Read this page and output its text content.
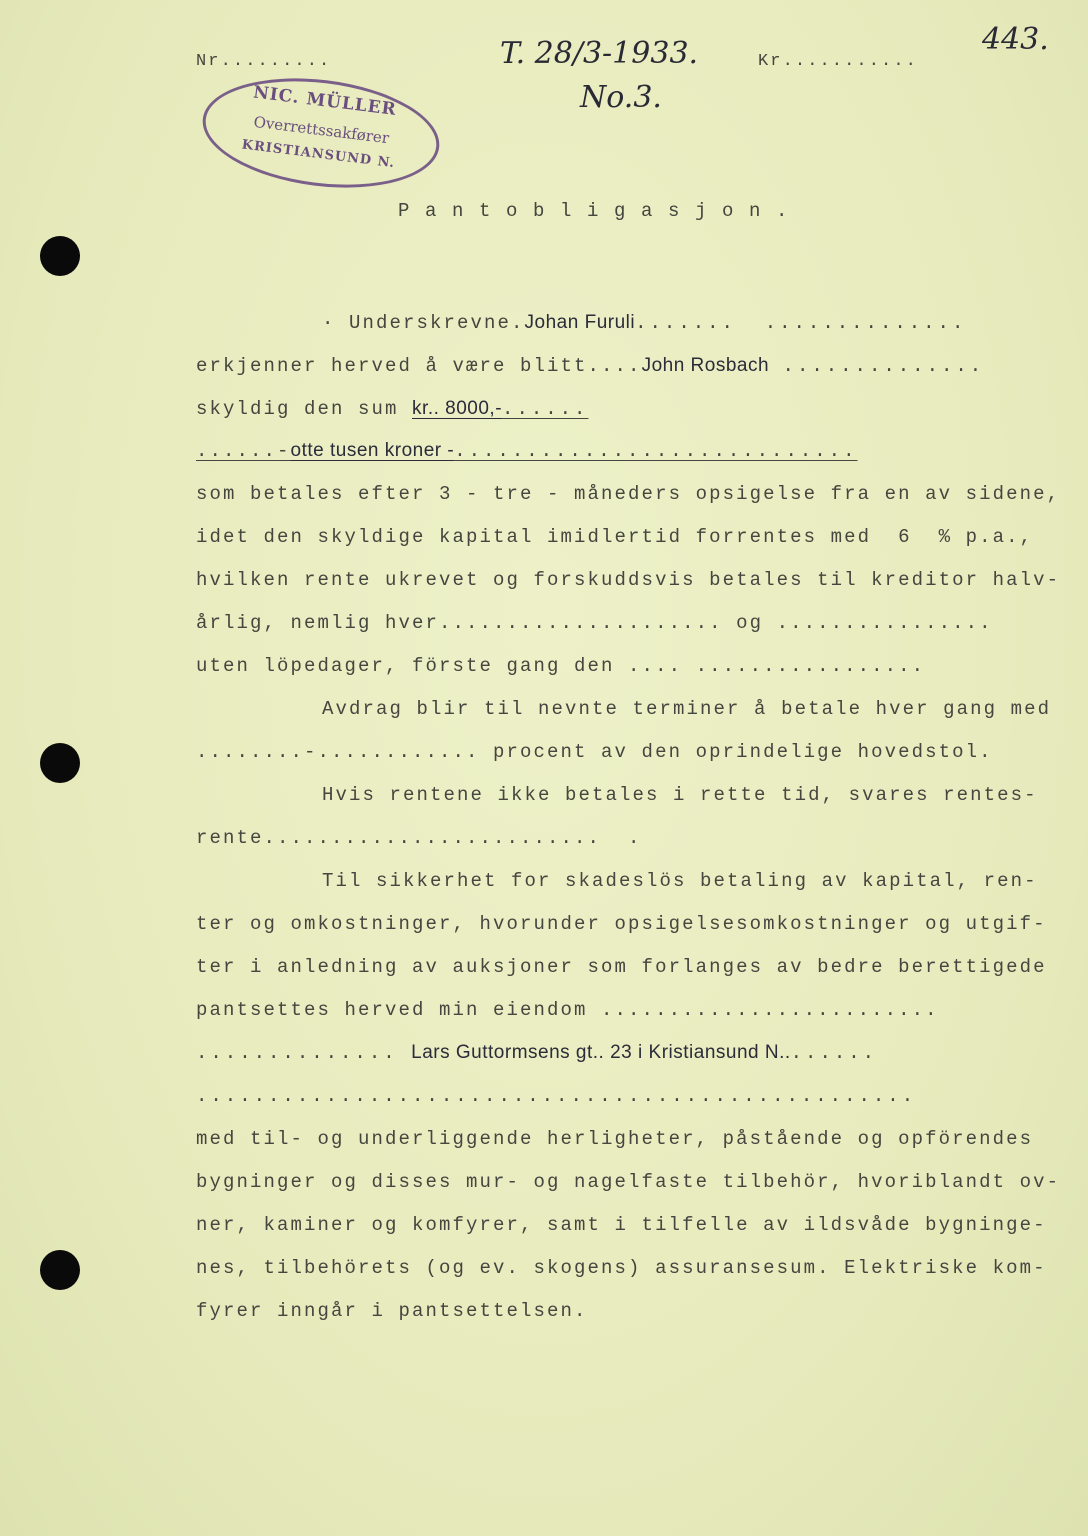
Nr.........	T. 28/3-1933.	Kr...........
443.
No.3.
NIC. MÜLLER
Overrettssakfører
KRISTIANSUND N.
P a n t o b l i g a s j o n .
· Underskrevne.Johan Furuli.......  ..............
erkjenner herved å være blitt....John Rosbach ..............
skyldig den sum kr.. 8000,-......
......-otte tusen kroner -............................
som betales efter 3 - tre - måneders opsigelse fra en av sidene,
idet den skyldige kapital imidlertid forrentes med  6  % p.a.,
hvilken rente ukrevet og forskuddsvis betales til kreditor halv-
årlig, nemlig hver..................... og ................
uten löpedager, förste gang den .... .................
Avdrag blir til nevnte terminer å betale hver gang med
........-............ procent av den oprindelige hovedstol.
Hvis rentene ikke betales i rette tid, svares rentes-
rente.........................  .
Til sikkerhet for skadeslös betaling av kapital, ren-
ter og omkostninger, hvorunder opsigelsesomkostninger og utgif-
ter i anledning av auksjoner som forlanges av bedre berettigede
pantsettes herved min eiendom .........................
.............. Lars Guttormsens gt.. 23 i Kristiansund N........
..................................................
med til- og underliggende herligheter, påstående og opförendes
bygninger og disses mur- og nagelfaste tilbehör, hvoriblandt ov-
ner, kaminer og komfyrer, samt i tilfelle av ildsvåde bygninge-
nes, tilbehörets (og ev. skogens) assuransesum. Elektriske kom-
fyrer inngår i pantsettelsen.
